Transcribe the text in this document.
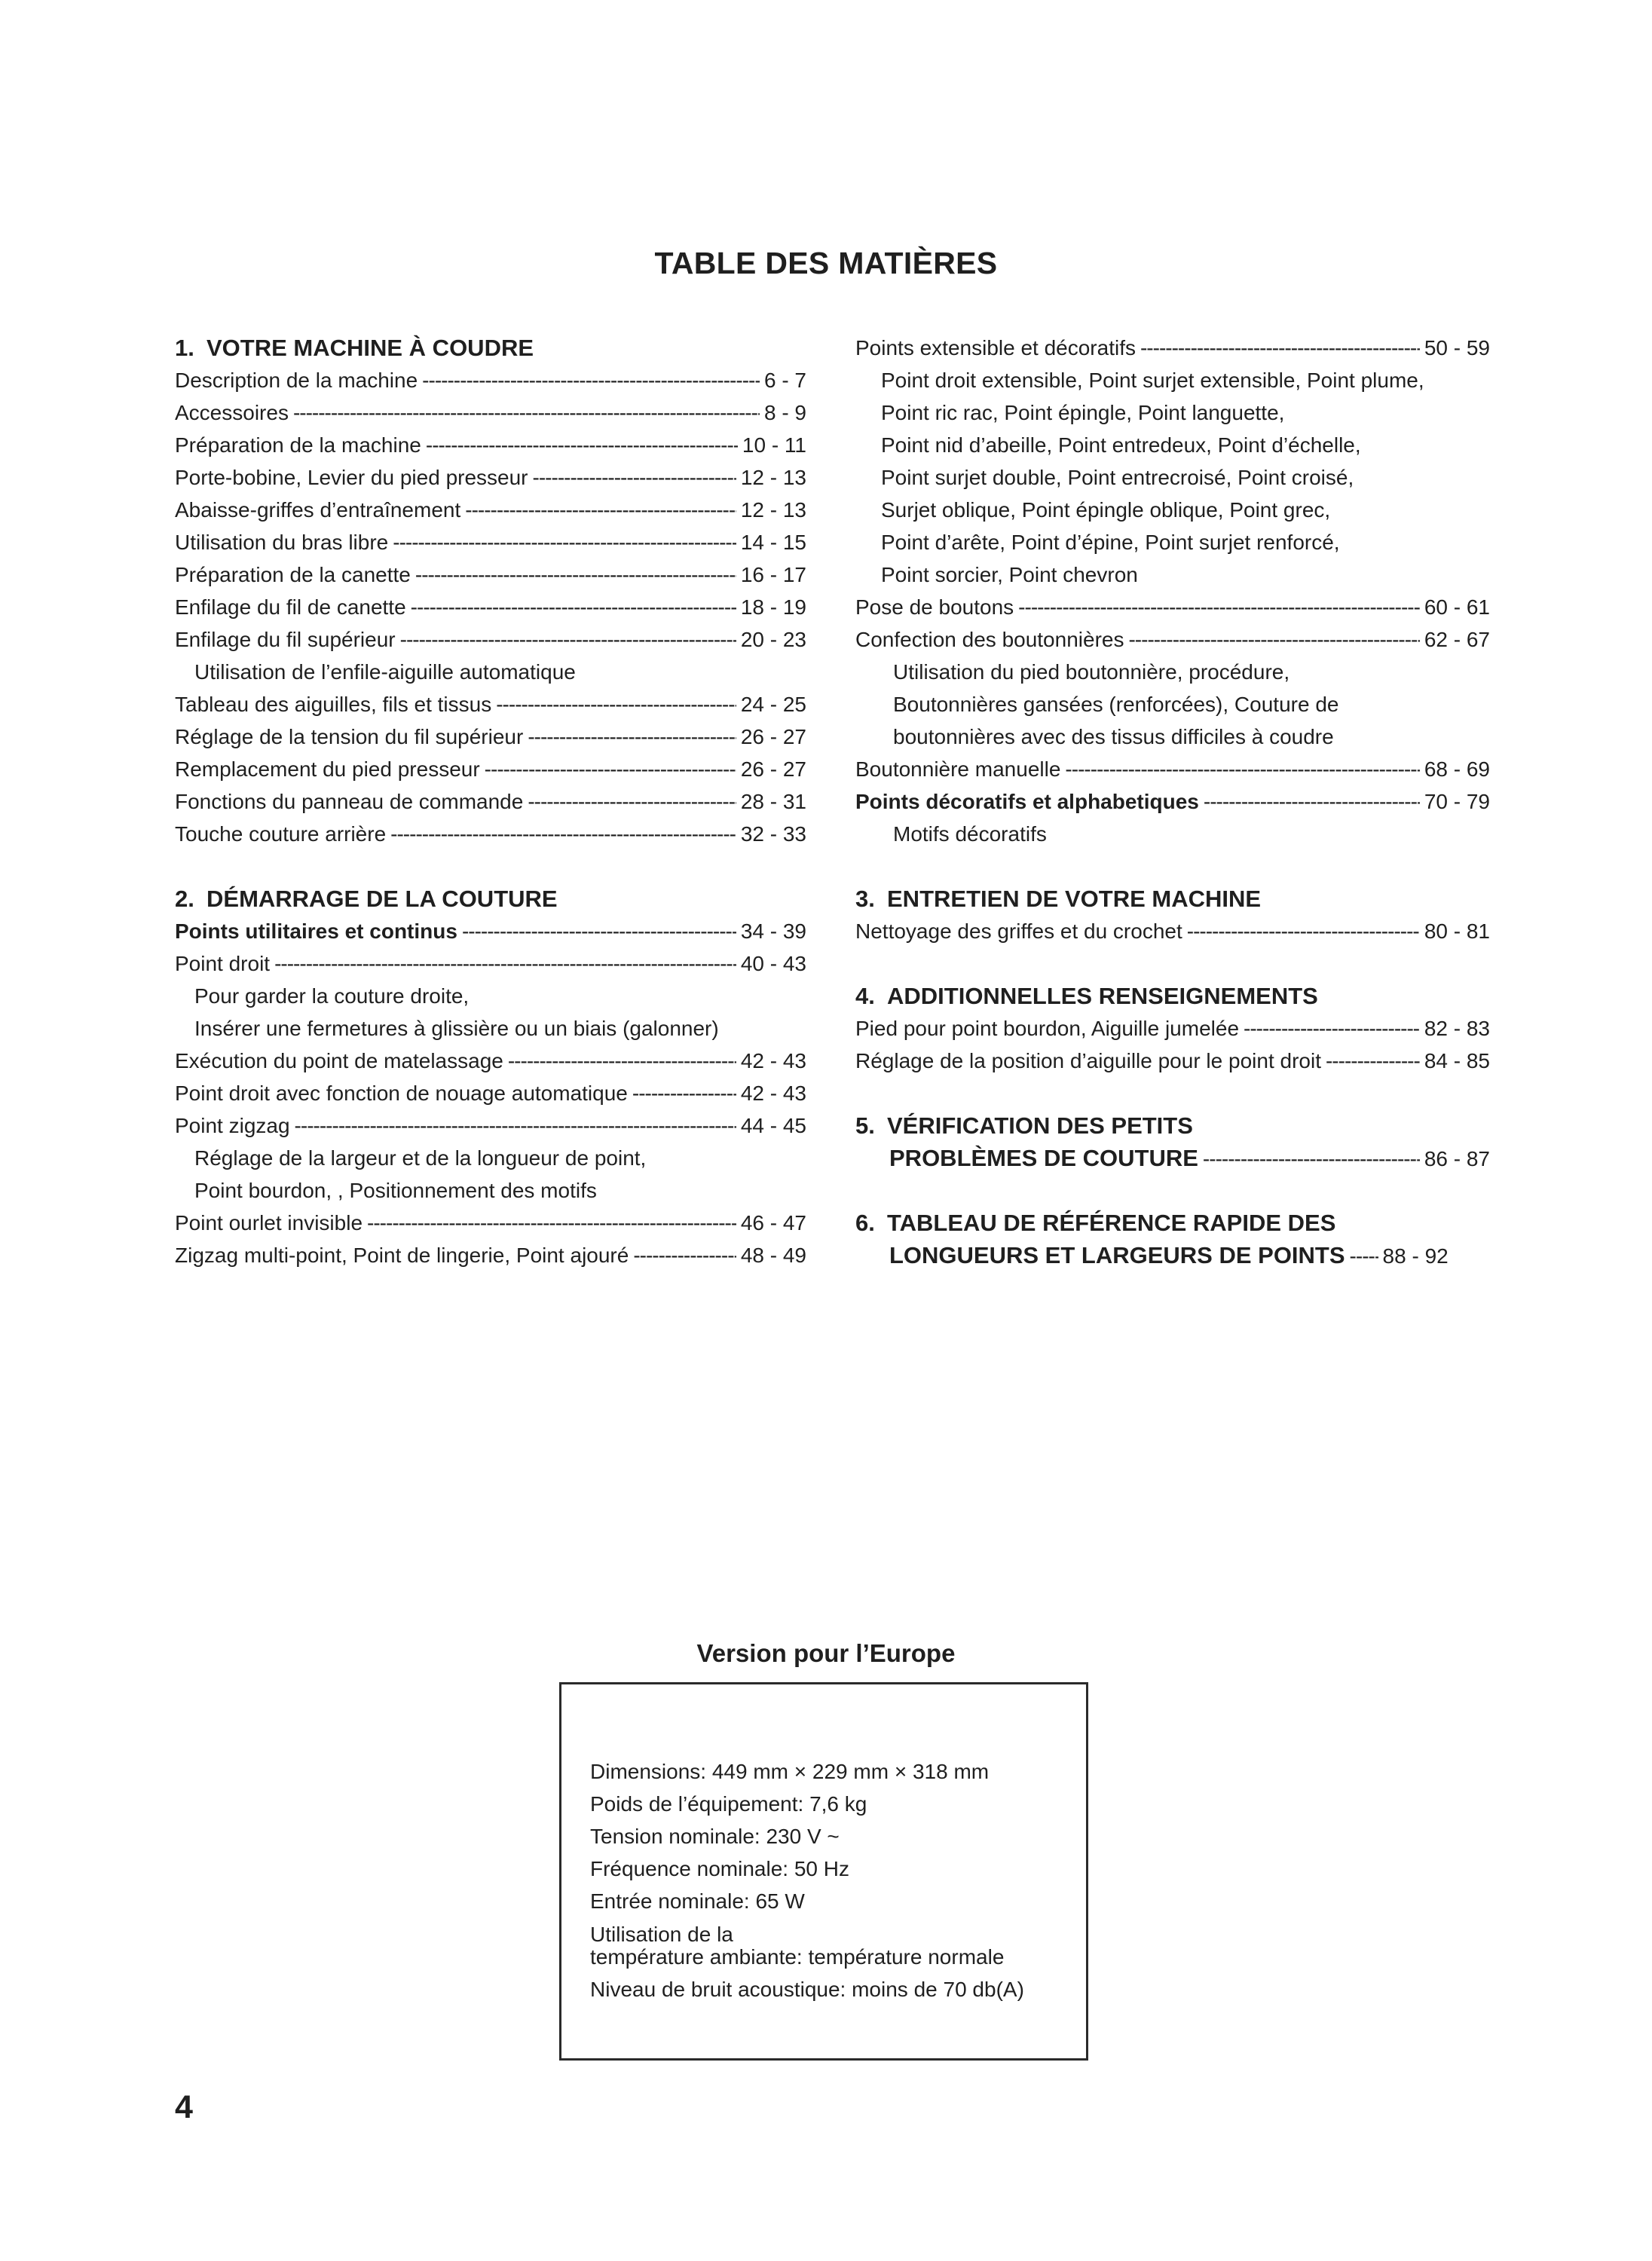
TABLE DES MATIÈRES
1. VOTRE MACHINE À COUDRE
Description de la machine -----	6 - 7
Accessoires -----	8 - 9
Préparation de la machine -----	10 - 11
Porte-bobine, Levier du pied presseur -----	12 - 13
Abaisse-griffes d’entraînement -----	12 - 13
Utilisation du bras libre -----	14 - 15
Préparation de la canette -----	16 - 17
Enfilage du fil de canette -----	18 - 19
Enfilage du fil supérieur -----	20 - 23
Utilisation de l’enfile-aiguille automatique
Tableau des aiguilles, fils et tissus -----	24 - 25
Réglage de la tension du fil supérieur -----	26 - 27
Remplacement du pied presseur -----	26 - 27
Fonctions du panneau de commande -----	28 - 31
Touche couture arrière -----	32 - 33
2. DÉMARRAGE DE LA COUTURE
Points utilitaires et continus -----	34 - 39
Point droit -----	40 - 43
Pour garder la couture droite,
Insérer une fermetures à glissière ou un biais (galonner)
Exécution du point de matelassage -----	42 - 43
Point droit avec fonction de nouage automatique -----	42 - 43
Point zigzag -----	44 - 45
Réglage de la largeur et de la longueur de point,
Point bourdon, , Positionnement des motifs
Point ourlet invisible -----	46 - 47
Zigzag multi-point, Point de lingerie, Point ajouré -----	48 - 49
Points extensible et décoratifs -----	50 - 59
Point droit extensible, Point surjet extensible, Point plume,
Point ric rac, Point épingle, Point languette,
Point nid d’abeille, Point entredeux, Point d’échelle,
Point surjet double, Point entrecroisé, Point croisé,
Surjet oblique, Point épingle oblique, Point grec,
Point d’arête, Point d’épine, Point surjet renforcé,
Point sorcier, Point chevron
Pose de boutons -----	60 - 61
Confection des boutonnières -----	62 - 67
Utilisation du pied boutonnière, procédure,
Boutonnières gansées (renforcées), Couture de
boutonnières avec des tissus difficiles à coudre
Boutonnière manuelle -----	68 - 69
Points décoratifs et alphabetiques -----	70 - 79
Motifs décoratifs
3. ENTRETIEN DE VOTRE MACHINE
Nettoyage des griffes et du crochet -----	80 - 81
4. ADDITIONNELLES RENSEIGNEMENTS
Pied pour point bourdon, Aiguille jumelée -----	82 - 83
Réglage de la position d’aiguille pour le point droit -----	84 - 85
5. VÉRIFICATION DES PETITS
PROBLÈMES DE COUTURE -----	86 - 87
6. TABLEAU DE RÉFÉRENCE RAPIDE DES
LONGUEURS ET LARGEURS DE POINTS ----- 88 - 92
Version pour l’Europe
Dimensions: 449 mm × 229 mm × 318 mm
Poids de l’équipement: 7,6 kg
Tension nominale: 230 V ~
Fréquence nominale: 50 Hz
Entrée nominale: 65 W
Utilisation de la
température ambiante: température normale
Niveau de bruit acoustique: moins de 70 db(A)
4
